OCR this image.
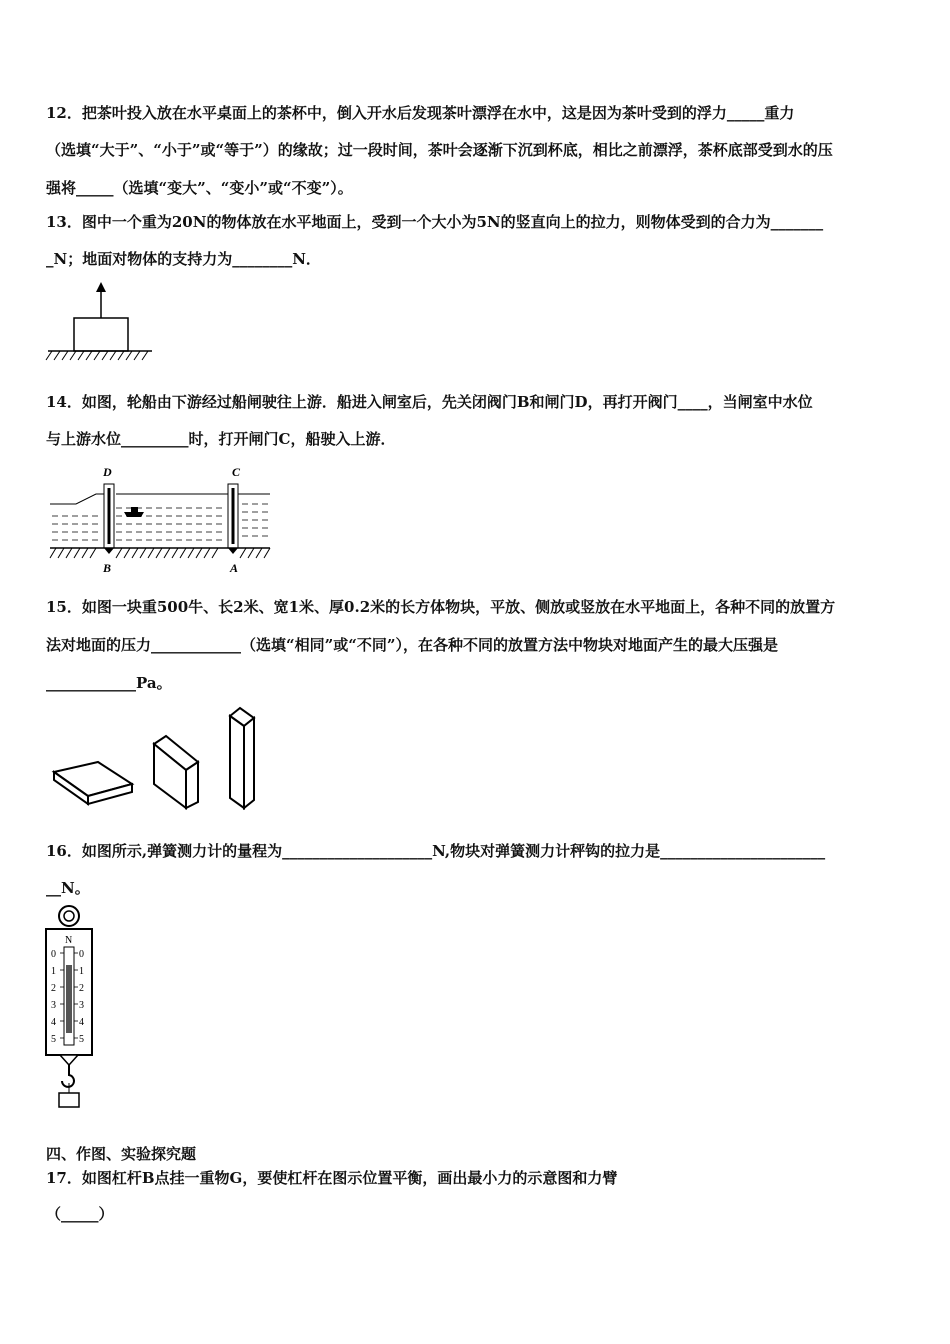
12．把茶叶投入放在水平桌面上的茶杯中，倒入开水后发现茶叶漂浮在水中，这是因为茶叶受到的浮力_____重力
（选填“大于”、“小于”或“等于”）的缘故；过一段时间，茶叶会逐渐下沉到杯底，相比之前漂浮，茶杯底部受到水的压
强将_____（选填“变大”、“变小”或“不变”）。
13．图中一个重为20N的物体放在水平地面上，受到一个大小为5N的竖直向上的拉力，则物体受到的合力为_______
_N；地面对物体的支持力为________N．
14．如图，轮船由下游经过船闸驶往上游．船进入闸室后，先关闭阀门B和闸门D，再打开阀门____，当闸室中水位
与上游水位_________时，打开闸门C，船驶入上游．
D	C
B	A
15．如图一块重500牛、长2米、宽1米、厚0.2米的长方体物块，平放、侧放或竖放在水平地面上，各种不同的放置方
法对地面的压力____________（选填“相同”或“不同”），在各种不同的放置方法中物块对地面产生的最大压强是
____________Pa。
16．如图所示,弹簧测力计的量程为____________________N,物块对弹簧测力计秤钩的拉力是______________________
__N。
N
0 0
1 1
2 2
3 3
4 4
5 5
四、作图、实验探究题
17．如图杠杆B点挂一重物G，要使杠杆在图示位置平衡，画出最小力的示意图和力臂
（_____）
